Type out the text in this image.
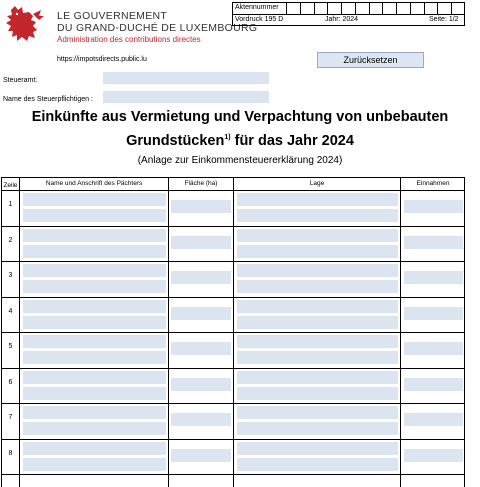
LE GOUVERNEMENT
DU GRAND-DUCHÉ DE LUXEMBOURG
Administration des contributions directes
Aktennummer
Vordruck 195 D	Jahr: 2024	Seite: 1/2
https://impotsdirects.public.lu	Zurücksetzen
Steueramt:
Name des Steuerpflichtigen :
Einkünfte aus Vermietung und Verpachtung von unbebauten
Grundstücken$^{1)}$ für das Jahr 2024
(Anlage zur Einkommensteuererklärung 2024)
Zeile	Name und Anschrift des Pächters	Fläche (ha)	Lage	Einnahmen
1
2
3
4
5
6
7
8
